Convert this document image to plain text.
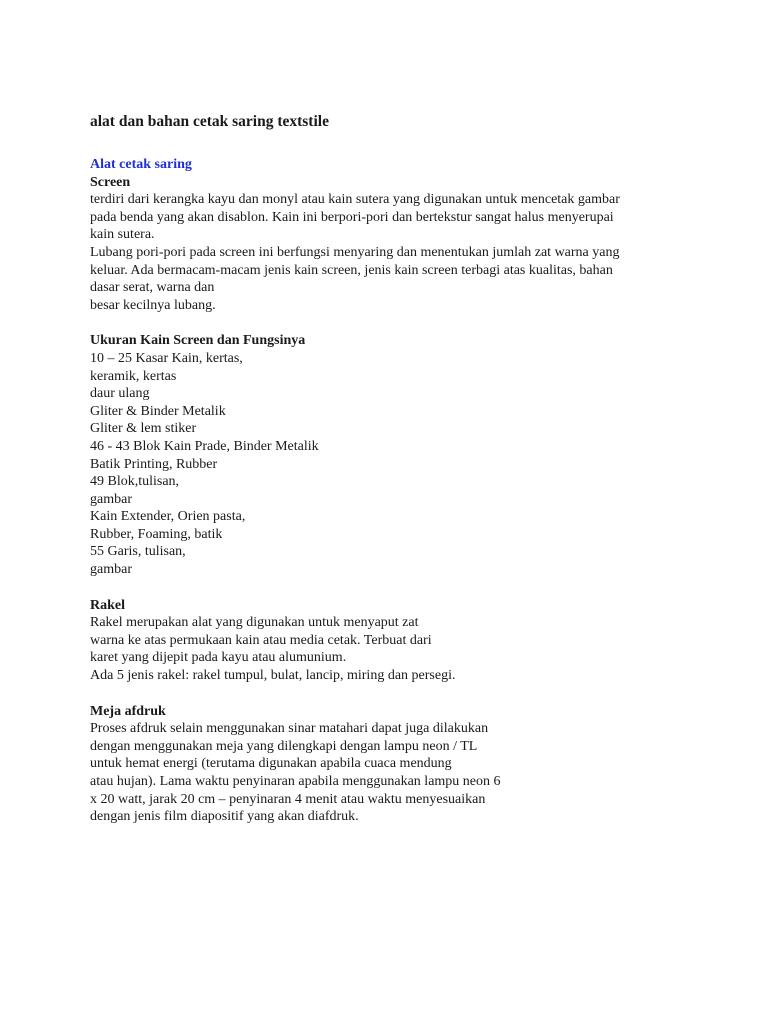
alat dan bahan cetak saring textstile
Alat cetak saring
Screen
terdiri dari kerangka kayu dan monyl atau kain sutera yang digunakan untuk mencetak gambar
pada benda yang akan disablon. Kain ini berpori-pori dan bertekstur sangat halus menyerupai
kain sutera.
Lubang pori-pori pada screen ini berfungsi menyaring dan menentukan jumlah zat warna yang
keluar. Ada bermacam-macam jenis kain screen, jenis kain screen terbagi atas kualitas, bahan
dasar serat, warna dan
besar kecilnya lubang.
Ukuran Kain Screen dan Fungsinya
10 – 25 Kasar Kain, kertas,
keramik, kertas
daur ulang
Gliter & Binder Metalik
Gliter & lem stiker
46 - 43 Blok Kain Prade, Binder Metalik
Batik Printing, Rubber
49 Blok,tulisan,
gambar
Kain Extender, Orien pasta,
Rubber, Foaming, batik
55 Garis, tulisan,
gambar
Rakel
Rakel merupakan alat yang digunakan untuk menyaput zat
warna ke atas permukaan kain atau media cetak. Terbuat dari
karet yang dijepit pada kayu atau alumunium.
Ada 5 jenis rakel: rakel tumpul, bulat, lancip, miring dan persegi.
Meja afdruk
Proses afdruk selain menggunakan sinar matahari dapat juga dilakukan
dengan menggunakan meja yang dilengkapi dengan lampu neon / TL
untuk hemat energi (terutama digunakan apabila cuaca mendung
atau hujan). Lama waktu penyinaran apabila menggunakan lampu neon 6
x 20 watt, jarak 20 cm – penyinaran 4 menit atau waktu menyesuaikan
dengan jenis film diapositif yang akan diafdruk.
